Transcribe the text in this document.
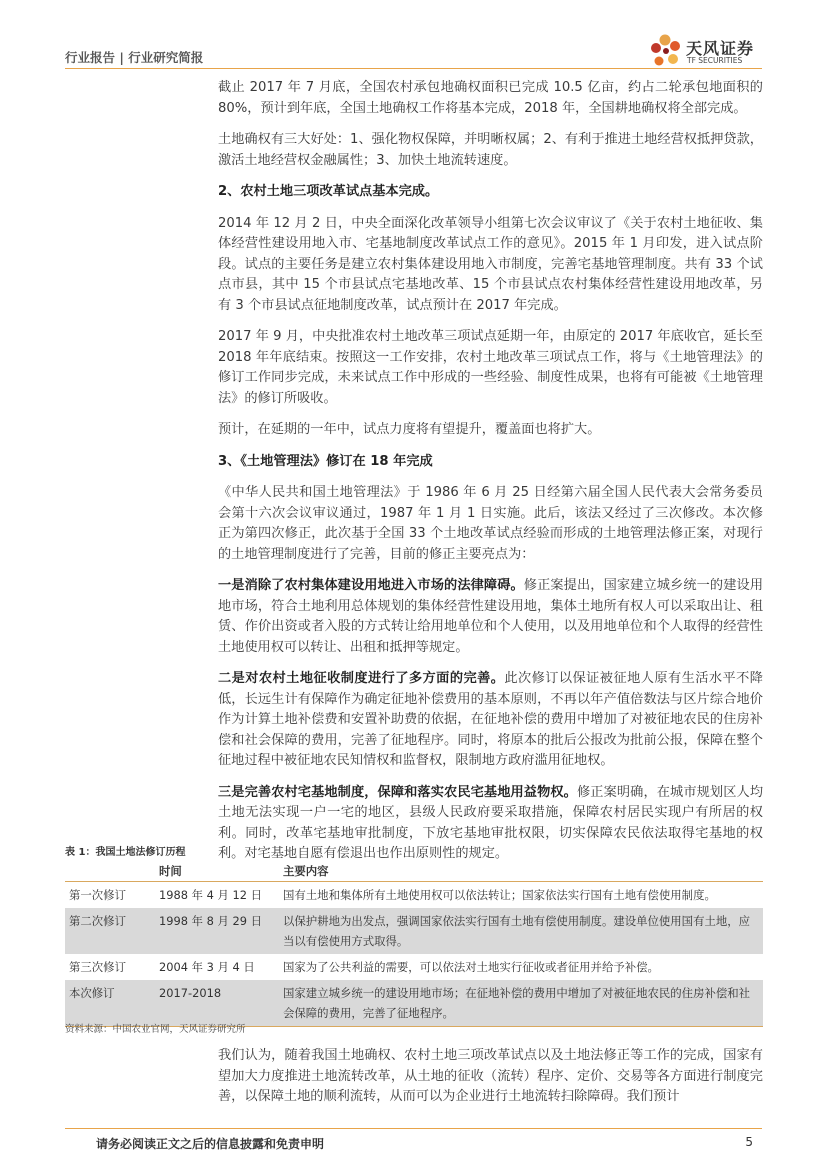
行业报告 | 行业研究简报	天风证券
TF SECURITIES

截止 2017 年 7 月底，全国农村承包地确权面积已完成 10.5 亿亩，约占二轮承包地面积的 80%，预计到年底，全国土地确权工作将基本完成，2018 年，全国耕地确权将全部完成。

土地确权有三大好处：1、强化物权保障，并明晰权属；2、有利于推进土地经营权抵押贷款，激活土地经营权金融属性；3、加快土地流转速度。

2、农村土地三项改革试点基本完成。

2014 年 12 月 2 日，中央全面深化改革领导小组第七次会议审议了《关于农村土地征收、集体经营性建设用地入市、宅基地制度改革试点工作的意见》。2015 年 1 月印发，进入试点阶段。试点的主要任务是建立农村集体建设用地入市制度，完善宅基地管理制度。共有 33 个试点市县，其中 15 个市县试点宅基地改革、15 个市县试点农村集体经营性建设用地改革，另有 3 个市县试点征地制度改革，试点预计在 2017 年完成。

2017 年 9 月，中央批准农村土地改革三项试点延期一年，由原定的 2017 年底收官，延长至 2018 年年底结束。按照这一工作安排，农村土地改革三项试点工作，将与《土地管理法》的修订工作同步完成，未来试点工作中形成的一些经验、制度性成果，也将有可能被《土地管理法》的修订所吸收。

预计，在延期的一年中，试点力度将有望提升，覆盖面也将扩大。

3、《土地管理法》修订在 18 年完成

《中华人民共和国土地管理法》于 1986 年 6 月 25 日经第六届全国人民代表大会常务委员会第十六次会议审议通过，1987 年 1 月 1 日实施。此后，该法又经过了三次修改。本次修正为第四次修正，此次基于全国 33 个土地改革试点经验而形成的土地管理法修正案，对现行的土地管理制度进行了完善，目前的修正主要亮点为：

一是消除了农村集体建设用地进入市场的法律障碍。修正案提出，国家建立城乡统一的建设用地市场，符合土地利用总体规划的集体经营性建设用地，集体土地所有权人可以采取出让、租赁、作价出资或者入股的方式转让给用地单位和个人使用，以及用地单位和个人取得的经营性土地使用权可以转让、出租和抵押等规定。

二是对农村土地征收制度进行了多方面的完善。此次修订以保证被征地人原有生活水平不降低，长远生计有保障作为确定征地补偿费用的基本原则，不再以年产值倍数法与区片综合地价作为计算土地补偿费和安置补助费的依据，在征地补偿的费用中增加了对被征地农民的住房补偿和社会保障的费用，完善了征地程序。同时，将原本的批后公报改为批前公报，保障在整个征地过程中被征地农民知情权和监督权，限制地方政府滥用征地权。

三是完善农村宅基地制度，保障和落实农民宅基地用益物权。修正案明确，在城市规划区人均土地无法实现一户一宅的地区，县级人民政府要采取措施，保障农村居民实现户有所居的权利。同时，改革宅基地审批制度，下放宅基地审批权限，切实保障农民依法取得宅基地的权利。对宅基地自愿有偿退出也作出原则性的规定。

表 1：我国土地法修订历程
	时间	主要内容
第一次修订	1988 年 4 月 12 日	国有土地和集体所有土地使用权可以依法转让；国家依法实行国有土地有偿使用制度。
第二次修订	1998 年 8 月 29 日	以保护耕地为出发点，强调国家依法实行国有土地有偿使用制度。建设单位使用国有土地，应当以有偿使用方式取得。
第三次修订	2004 年 3 月 4 日	国家为了公共利益的需要，可以依法对土地实行征收或者征用并给予补偿。
本次修订	2017-2018	国家建立城乡统一的建设用地市场；在征地补偿的费用中增加了对被征地农民的住房补偿和社会保障的费用，完善了征地程序。
资料来源：中国农业官网，天风证券研究所

我们认为，随着我国土地确权、农村土地三项改革试点以及土地法修正等工作的完成，国家有望加大力度推进土地流转改革，从土地的征收（流转）程序、定价、交易等各方面进行制度完善，以保障土地的顺利流转，从而可以为企业进行土地流转扫除障碍。我们预计

请务必阅读正文之后的信息披露和免责申明	5
